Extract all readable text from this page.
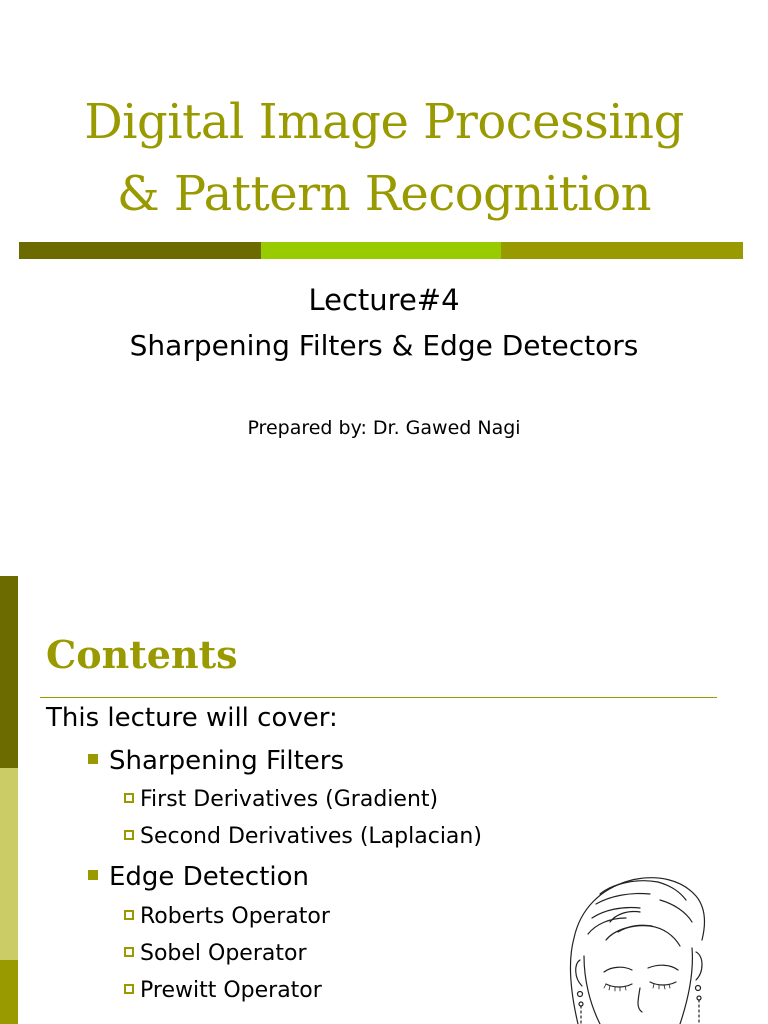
Digital Image Processing
& Pattern Recognition
Lecture#4
Sharpening Filters & Edge Detectors
Prepared by: Dr. Gawed Nagi
Contents
This lecture will cover:
Sharpening Filters
First Derivatives (Gradient)
Second Derivatives (Laplacian)
Edge Detection
Roberts Operator
Sobel Operator
Prewitt Operator
